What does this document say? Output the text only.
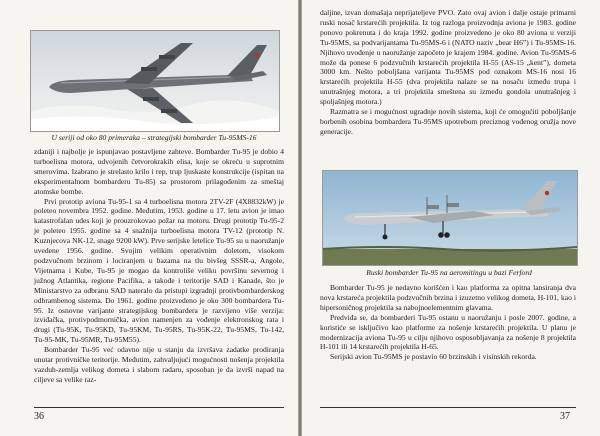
U seriji od oko 80 primeraka – strategijski bombarder Tu-95MS-16

zdaniji i najbolje je ispunjavao postavljene zahteve. Bombarder Tu-95 je dobio 4 turboelisna motora, udvojenih četvorokrakih elisa, koje se okreću u suprotnim smerovima. Izabrano je strelasto krilo i rep, trup ljuskaste konstrukcije (ispitan na eksperimentalnom bombarderu Tu-85) sa prostorom prilagođenim za smeštaj atomske bombe.

Prvi prototip aviona Tu-95-1 sa 4 turboelisna motora 2TV-2F (4X8832kW) je poleteo novembra 1952. godine. Međutim, 1953. godine u 17. letu avion je imao katastrofalan udes koji je prouzrokovao požar na motoru. Drugi prototip Tu-95-2 je poleteo 1955. godine sa 4 snažnija turboelisna motora TV-12 (prototip N. Kuznjecova NK-12, snage 9200 kW). Prve serijske letelice Tu-95 su u naoružanje uvedene 1956. godine. Svojim velikim operativnim doletom, visokom podzvučnom brzinom i lociranjem u bazama na tlu bivšeg SSSR-a, Angole, Vijetnama i Kube, Tu-95 je mogao da kontroliše veliku površinu severnog i južnog Atlantika, regione Pacifika, a takođe i teritorije SAD i Kanade, što je Ministarstvo za odbranu SAD nateralo da pristupi izgradnji protivbombarderskog odbrambenog sistema. Do 1961. godine proizvedeno je oko 300 bombardera Tu-95. Iz osnovne varijante strategijskog bombardera je razvijeno više verzija: izviđačka, protivpodmornička, avion namenjen za vođenje elektronskog rata i drugi (Tu-95K, Tu-95KD, Tu-95KM, Tu-95RS, Tu-95K-22, Tu-95MS, Tu-142, Tu-95-MK, Tu-95MR, Tu-95M55).

Bombarder Tu-95 već odavno nije u stanju da izvršava zadatke prodiranja unutar protivničke teritorije. Međutim, zahvaljujući mogućnosti nošenja projektila vazduh-zemlja velikog dometa i slabom radaru, sposoban je da izvrši napad na ciljeve sa velike raz-

36

daljine, izvan domašaja neprijateljeve PVO. Zato ovaj avion i dalje ostaje primarni ruski nosač krstarećih projektila. Iz tog razloga proizvodnja aviona je 1983. godine ponovo pokrenuta i do kraja 1992. godine proizvedeno je oko 80 aviona u verziji Tu-95MS, sa podvarijantama Tu-95MS-6 i (NATO naziv „bear H6”) i Tu-95MS-16. Njihovo uvođenje u naoružanje započeto je krajem 1984. godine. Avion Tu-95MS-6 može da ponese 6 podzvučnih krstarećih projektila H-55 (AS-15 „kent”), dometa 3000 km. Nešto poboljšana varijanta Tu-95MS pod oznakom MS-16 nosi 16 krstarećih projektila H-55 (dva projektila nalaze se na nosaču između trupa i unutrašnjeg motora, a tri projektila smeštena su između gondola unutrašnjeg i spoljašnjeg motora.)

Razmatra se i mogućnost ugradnje novih sistema, koji će omogućiti poboljšanje borbenih osobina bombardera Tu-95MS upotrebom preciznog vođenog oružja nove generacije.

Ruski bombarder Tu-95 na aeromitingu u bazi Ferford

Bombarder Tu-95 je nedavno korišćen i kao platforma za opitna lansiranja dva nova krstareća projektila podzvučnih brzina i izuzetno velikog dometa, H-101, kao i hipersoničnog projektila sa nabojnoelementnim glavama.

Predviđa se, da bombarderi Tu-95 ostanu u naoružanju i posle 2007. godine, a koristiće se isključivo kao platforme za nošenje krstarećih projektila. U planu je modernizacija aviona Tu-95 u cilju njihovo osposobljavanja za nošenje 8 projektila H-101 ili 14 krstarećih projektila H-65.

Serijski avion Tu-95MS je postavio 60 brzinskih i visinskih rekorda.

37
